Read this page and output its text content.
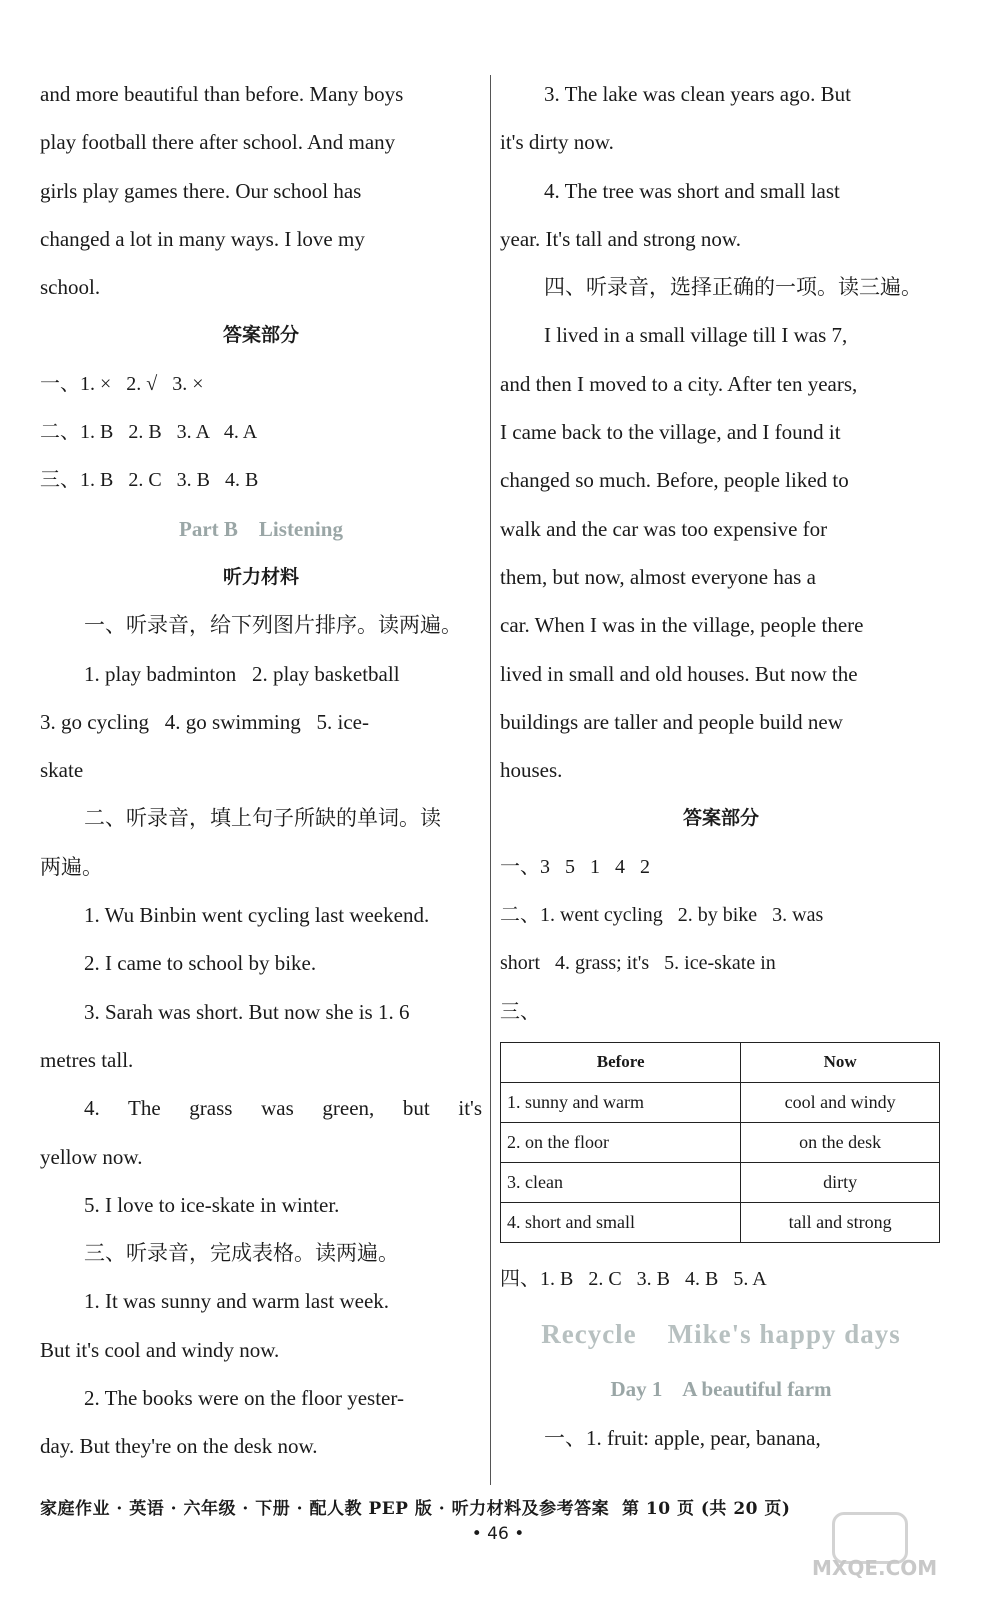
and more beautiful than before. Many boys

play football there after school. And many

girls play games there. Our school has

changed a lot in many ways. I love my

school.

答案部分

一、1. ×   2. √   3. ×

二、1. B   2. B   3. A   4. A

三、1. B   2. C   3. B   4. B

Part B    Listening

听力材料

一、听录音，给下列图片排序。读两遍。

1. play badminton   2. play basketball

3. go cycling   4. go swimming   5. ice-

skate

二、听录音，填上句子所缺的单词。读

两遍。

1. Wu Binbin went cycling last weekend.

2. I came to school by bike.

3. Sarah was short. But now she is 1. 6

metres tall.

4. The grass was green, but it's

yellow now.

5. I love to ice-skate in winter.

三、听录音，完成表格。读两遍。

1. It was sunny and warm last week.

But it's cool and windy now.

2. The books were on the floor yester-

day. But they're on the desk now.

3. The lake was clean years ago. But

it's dirty now.

4. The tree was short and small last

year. It's tall and strong now.

四、听录音，选择正确的一项。读三遍。

I lived in a small village till I was 7,

and then I moved to a city. After ten years,

I came back to the village, and I found it

changed so much. Before, people liked to

walk and the car was too expensive for

them, but now, almost everyone has a

car. When I was in the village, people there

lived in small and old houses. But now the

buildings are taller and people build new

houses.

答案部分

一、3   5   1   4   2

二、1. went cycling   2. by bike   3. was

short   4. grass; it's   5. ice-skate in

三、

Before	Now
1. sunny and warm	cool and windy
2. on the floor	on the desk
3. clean	dirty
4. short and small	tall and strong

四、1. B   2. C   3. B   4. B   5. A

Recycle    Mike's happy days

Day 1    A beautiful farm

一、1. fruit: apple, pear, banana,

家庭作业 · 英语 · 六年级 · 下册 · 配人教 PEP 版 · 听力材料及参考答案  第 10 页 (共 20 页)
• 46 •
MXQE.COM
